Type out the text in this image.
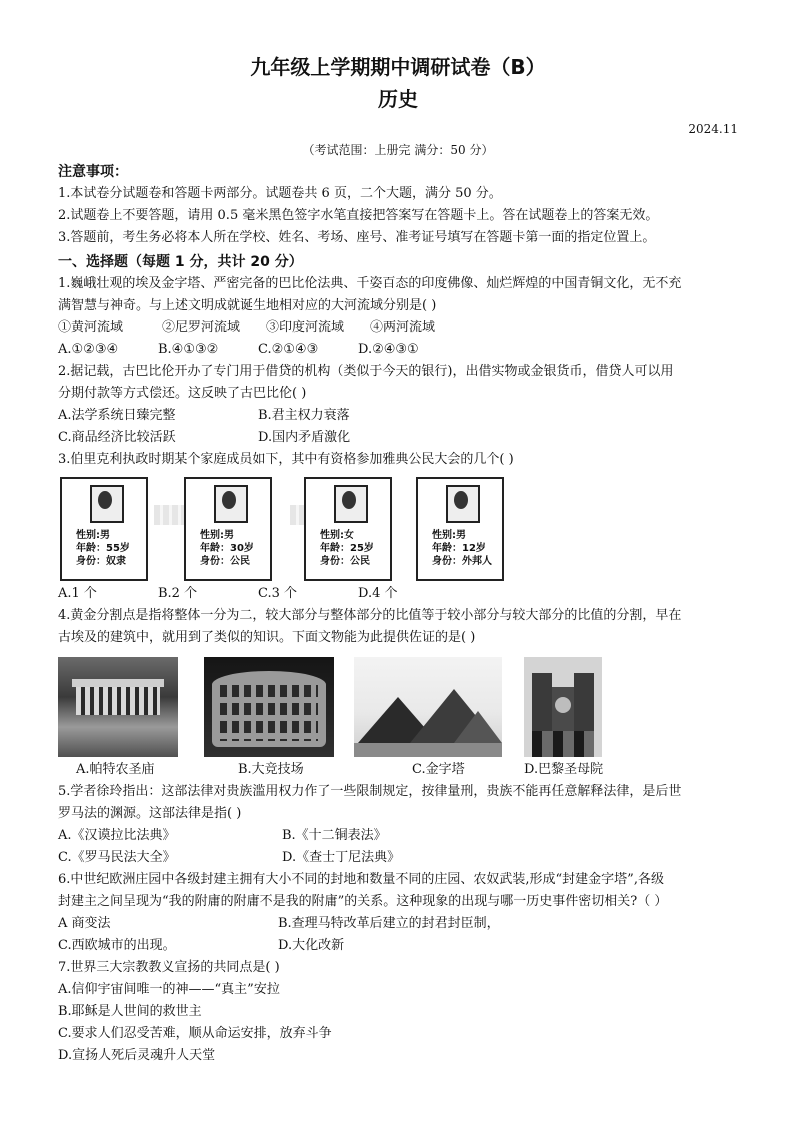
九年级上学期期中调研试卷（B）
历史
2024.11
（考试范围：上册完 满分：50 分）
注意事项：
1.本试卷分试题卷和答题卡两部分。试题卷共 6 页，二个大题，满分 50 分。
2.试题卷上不要答题，请用 0.5 毫米黑色签字水笔直接把答案写在答题卡上。答在试题卷上的答案无效。
3.答题前，考生务必将本人所在学校、姓名、考场、座号、准考证号填写在答题卡第一面的指定位置上。
一、选择题（每题 1 分，共计 20 分）
1.巍峨壮观的埃及金字塔、严密完备的巴比伦法典、千姿百态的印度佛像、灿烂辉煌的中国青铜文化，无不充
满智慧与神奇。与上述文明成就诞生地相对应的大河流域分别是( )
①黄河流域	②尼罗河流域	③印度河流域	④两河流域
A.①②③④	B.④①③②	C.②①④③	D.②④③①
2.据记载，古巴比伦开办了专门用于借贷的机构（类似于今天的银行)，出借实物或金银货币，借贷人可以用
分期付款等方式偿还。这反映了古巴比伦( )
A.法学系统日臻完整	B.君主权力衰落
C.商品经济比较活跃	D.国内矛盾激化
3.伯里克利执政时期某个家庭成员如下，其中有资格参加雅典公民大会的几个( )
性别:男
年龄：55岁
身份：奴隶
性别:男
年龄：30岁
身份：公民
性别:女
年龄：25岁
身份：公民
性别:男
年龄：12岁
身份：外邦人
A.1 个	B.2 个	C.3 个	D.4 个
4.黄金分割点是指将整体一分为二，较大部分与整体部分的比值等于较小部分与较大部分的比值的分割，早在
古埃及的建筑中，就用到了类似的知识。下面文物能为此提供佐证的是( )
A.帕特农圣庙	B.大竞技场	C.金字塔	D.巴黎圣母院
5.学者徐玲指出：这部法律对贵族滥用权力作了一些限制规定，按律量刑，贵族不能再任意解释法律，是后世
罗马法的渊源。这部法律是指( )
A.《汉谟拉比法典》	B.《十二铜表法》
C.《罗马民法大全》	D.《查士丁尼法典》
6.中世纪欧洲庄园中各级封建主拥有大小不同的封地和数量不同的庄园、农奴武装,形成“封建金字塔”,各级
封建主之间呈现为“我的附庸的附庸不是我的附庸”的关系。这种现象的出现与哪一历史事件密切相关?（ ）
A 商变法	B.查理马特改革后建立的封君封臣制，
C.西欧城市的出现。	D.大化改新
7.世界三大宗教教义宣扬的共同点是( )
A.信仰宇宙间唯一的神——“真主”安拉
B.耶稣是人世间的救世主
C.要求人们忍受苦难，顺从命运安排，放弃斗争
D.宣扬人死后灵魂升人天堂
